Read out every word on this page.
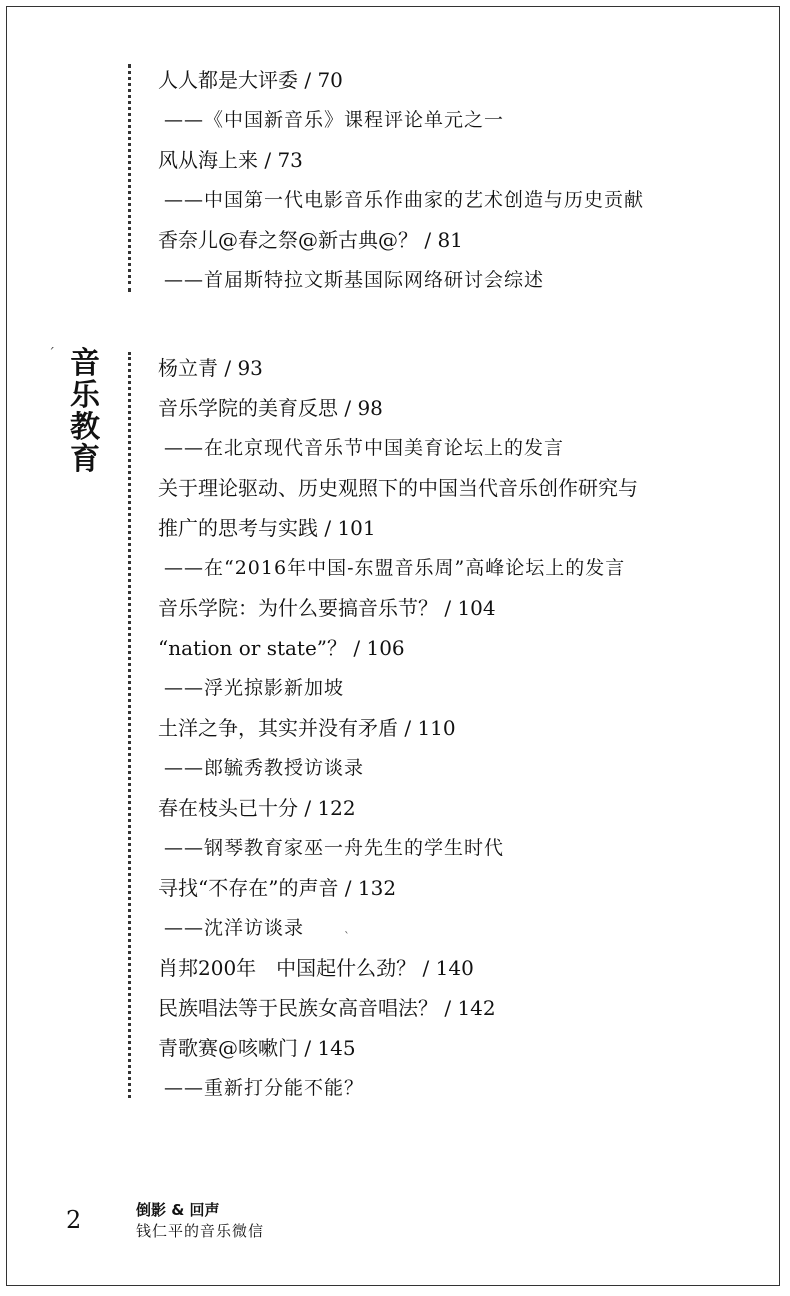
ˊ 音
乐
教
育
人人都是大评委 / 70
——《中国新音乐》课程评论单元之一
风从海上来 / 73
——中国第一代电影音乐作曲家的艺术创造与历史贡献
香奈儿@春之祭@新古典@？ / 81
——首届斯特拉文斯基国际网络研讨会综述
杨立青 / 93
音乐学院的美育反思 / 98
——在北京现代音乐节中国美育论坛上的发言
关于理论驱动、历史观照下的中国当代音乐创作研究与
推广的思考与实践 / 101
——在“2016年中国-东盟音乐周”高峰论坛上的发言
音乐学院：为什么要搞音乐节？ / 104
“nation or state”？ / 106
——浮光掠影新加坡
土洋之争，其实并没有矛盾 / 110
——郎毓秀教授访谈录
春在枝头已十分 / 122
——钢琴教育家巫一舟先生的学生时代
寻找“不存在”的声音 / 132
——沈洋访谈录
肖邦200年　中国起什么劲？ / 140
民族唱法等于民族女高音唱法？ / 142
青歌赛@咳嗽门 / 145
——重新打分能不能？
ˋ
2	倒影 & 回声
钱仁平的音乐微信
